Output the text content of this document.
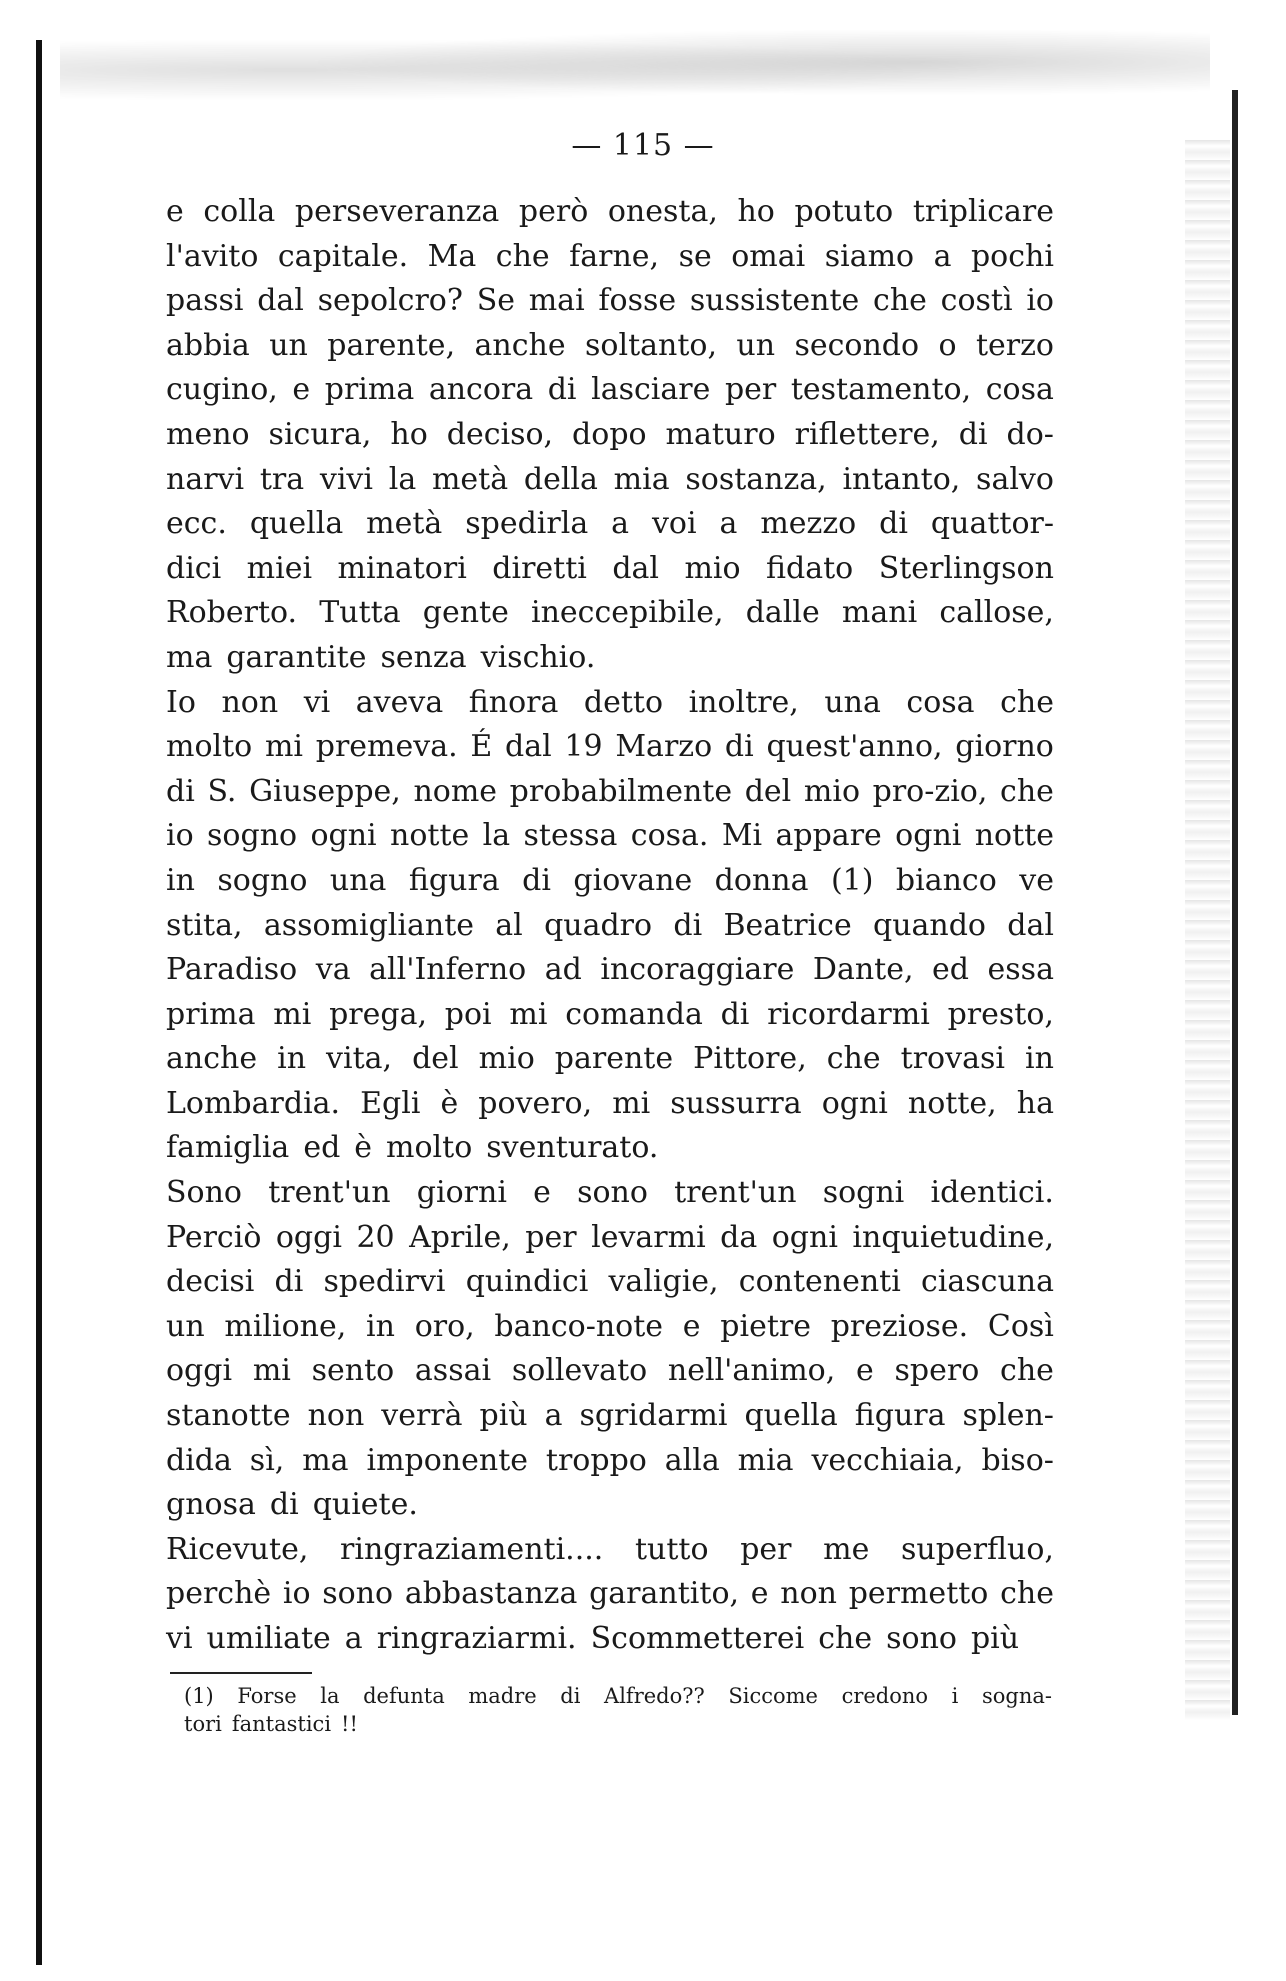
— 115 —
e colla perseveranza però onesta, ho potuto triplicare
l'avito capitale. Ma che farne, se omai siamo a pochi
passi dal sepolcro? Se mai fosse sussistente che costì io
abbia un parente, anche soltanto, un secondo o terzo
cugino, e prima ancora di lasciare per testamento, cosa
meno sicura, ho deciso, dopo maturo riflettere, di do-
narvi tra vivi la metà della mia sostanza, intanto, salvo
ecc. quella metà spedirla a voi a mezzo di quattor-
dici miei minatori diretti dal mio fidato Sterlingson
Roberto. Tutta gente ineccepibile, dalle mani callose,
ma garantite senza vischio.
Io non vi aveva finora detto inoltre, una cosa che
molto mi premeva. É dal 19 Marzo di quest'anno, giorno
di S. Giuseppe, nome probabilmente del mio pro-zio, che
io sogno ogni notte la stessa cosa. Mi appare ogni notte
in sogno una figura di giovane donna (1) bianco ve
stita, assomigliante al quadro di Beatrice quando dal
Paradiso va all'Inferno ad incoraggiare Dante, ed essa
prima mi prega, poi mi comanda di ricordarmi presto,
anche in vita, del mio parente Pittore, che trovasi in
Lombardia. Egli è povero, mi sussurra ogni notte, ha
famiglia ed è molto sventurato.
Sono trent'un giorni e sono trent'un sogni identici.
Perciò oggi 20 Aprile, per levarmi da ogni inquietudine,
decisi di spedirvi quindici valigie, contenenti ciascuna
un milione, in oro, banco-note e pietre preziose. Così
oggi mi sento assai sollevato nell'animo, e spero che
stanotte non verrà più a sgridarmi quella figura splen-
dida sì, ma imponente troppo alla mia vecchiaia, biso-
gnosa di quiete.
Ricevute, ringraziamenti.... tutto per me superfluo,
perchè io sono abbastanza garantito, e non permetto che
vi umiliate a ringraziarmi. Scommetterei che sono più
(1) Forse la defunta madre di Alfredo?? Siccome credono i sogna-
tori fantastici !!
